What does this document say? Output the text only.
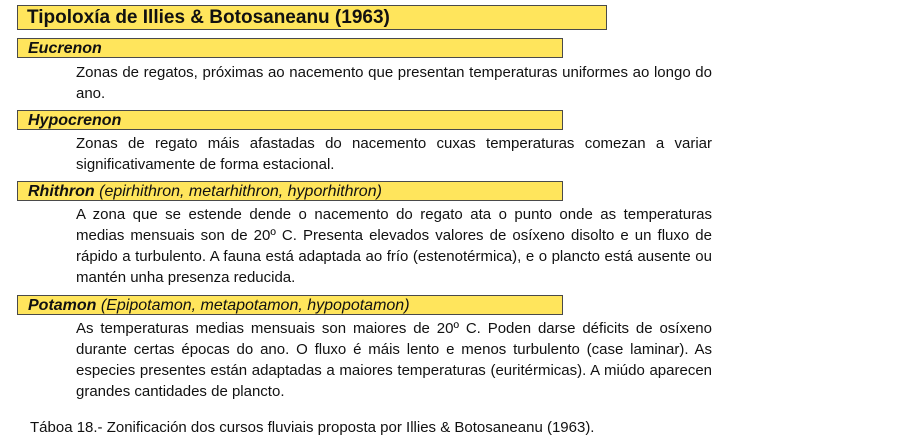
Tipoloxía de Illies & Botosaneanu (1963)
Eucrenon

Zonas de regatos, próximas ao nacemento que presentan temperaturas uniformes ao longo do ano.

Hypocrenon

Zonas de regato máis afastadas do nacemento cuxas temperaturas comezan a variar significativamente de forma estacional.

Rhithron (epirhithron, metarhithron, hyporhithron)

A zona que se estende dende o nacemento do regato ata o punto onde as temperaturas medias mensuais son de 20º C. Presenta elevados valores de osíxeno disolto e un fluxo de rápido a turbulento. A fauna está adaptada ao frío (estenotérmica), e o plancto está ausente ou mantén unha presenza reducida.

Potamon (Epipotamon, metapotamon, hypopotamon)

As temperaturas medias mensuais son maiores de 20º C. Poden darse déficits de osíxeno durante certas épocas do ano. O fluxo é máis lento e menos turbulento (case laminar). As especies presentes están adaptadas a maiores temperaturas (euritérmicas). A miúdo aparecen grandes cantidades de plancto.

Táboa 18.- Zonificación dos cursos fluviais proposta por Illies & Botosaneanu (1963).
